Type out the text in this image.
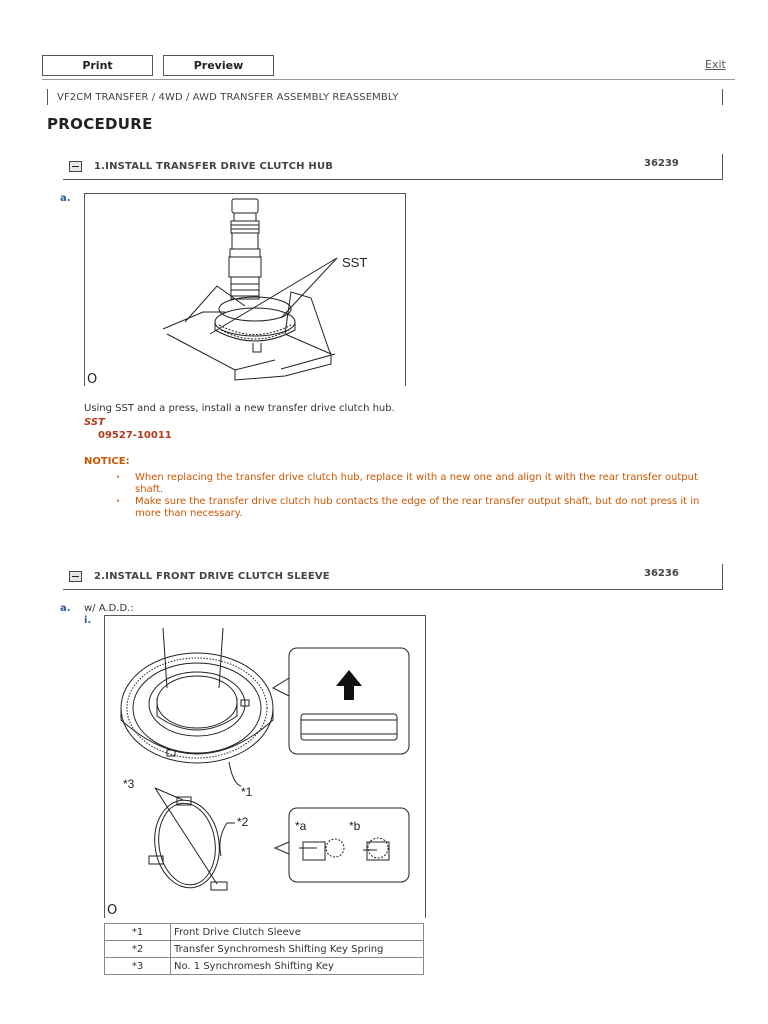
Print	Preview	Exit
VF2CM TRANSFER / 4WD / AWD TRANSFER ASSEMBLY REASSEMBLY
PROCEDURE
1.INSTALL TRANSFER DRIVE CLUTCH HUB	36239
a.
SST
O
Using SST and a press, install a new transfer drive clutch hub.
SST
09527-10011
NOTICE:
· When replacing the transfer drive clutch hub, replace it with a new one and align it with the rear transfer output shaft.
· Make sure the transfer drive clutch hub contacts the edge of the rear transfer output shaft, but do not press it in more than necessary.
2.INSTALL FRONT DRIVE CLUTCH SLEEVE	36236
a. w/ A.D.D.:
i.
*3
*1
*2	*a	*b
O
*1	Front Drive Clutch Sleeve
*2	Transfer Synchromesh Shifting Key Spring
*3	No. 1 Synchromesh Shifting Key
